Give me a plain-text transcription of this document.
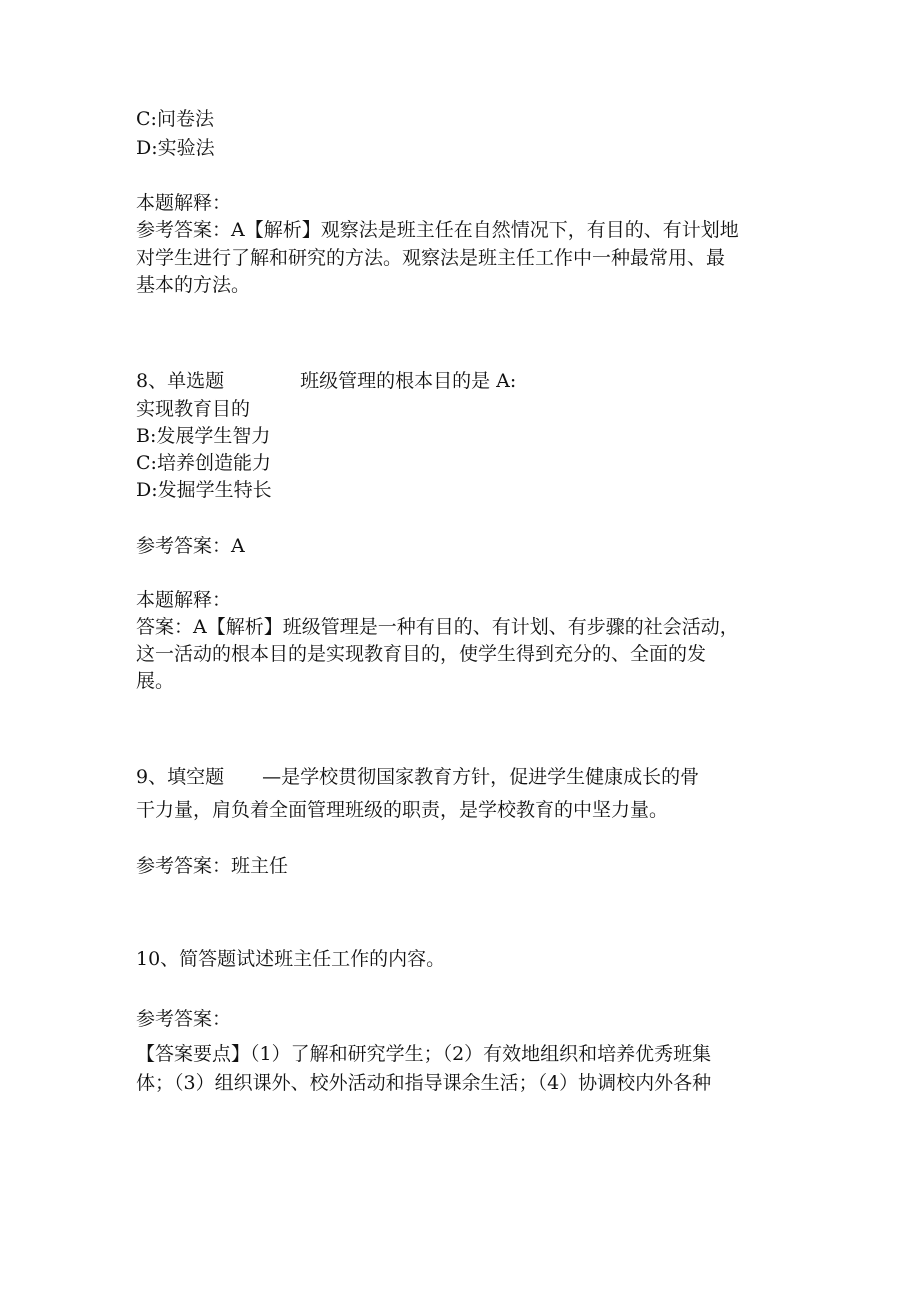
C:问卷法
D:实验法
本题解释：
参考答案：A【解析】观察法是班主任在自然情况下，有目的、有计划地
对学生进行了解和研究的方法。观察法是班主任工作中一种最常用、最
基本的方法。
8、单选题	班级管理的根本目的是 A:
实现教育目的
B:发展学生智力
C:培养创造能力
D:发掘学生特长
参考答案：A
本题解释：
答案：A【解析】班级管理是一种有目的、有计划、有步骤的社会活动，
这一活动的根本目的是实现教育目的，使学生得到充分的、全面的发
展。
9、填空题 —是学校贯彻国家教育方针，促进学生健康成长的骨
干力量，肩负着全面管理班级的职责，是学校教育的中坚力量。
参考答案：班主任
10、简答题试述班主任工作的内容。
参考答案：
【答案要点】（1）了解和研究学生；（2）有效地组织和培养优秀班集
体；（3）组织课外、校外活动和指导课余生活；（4）协调校内外各种
